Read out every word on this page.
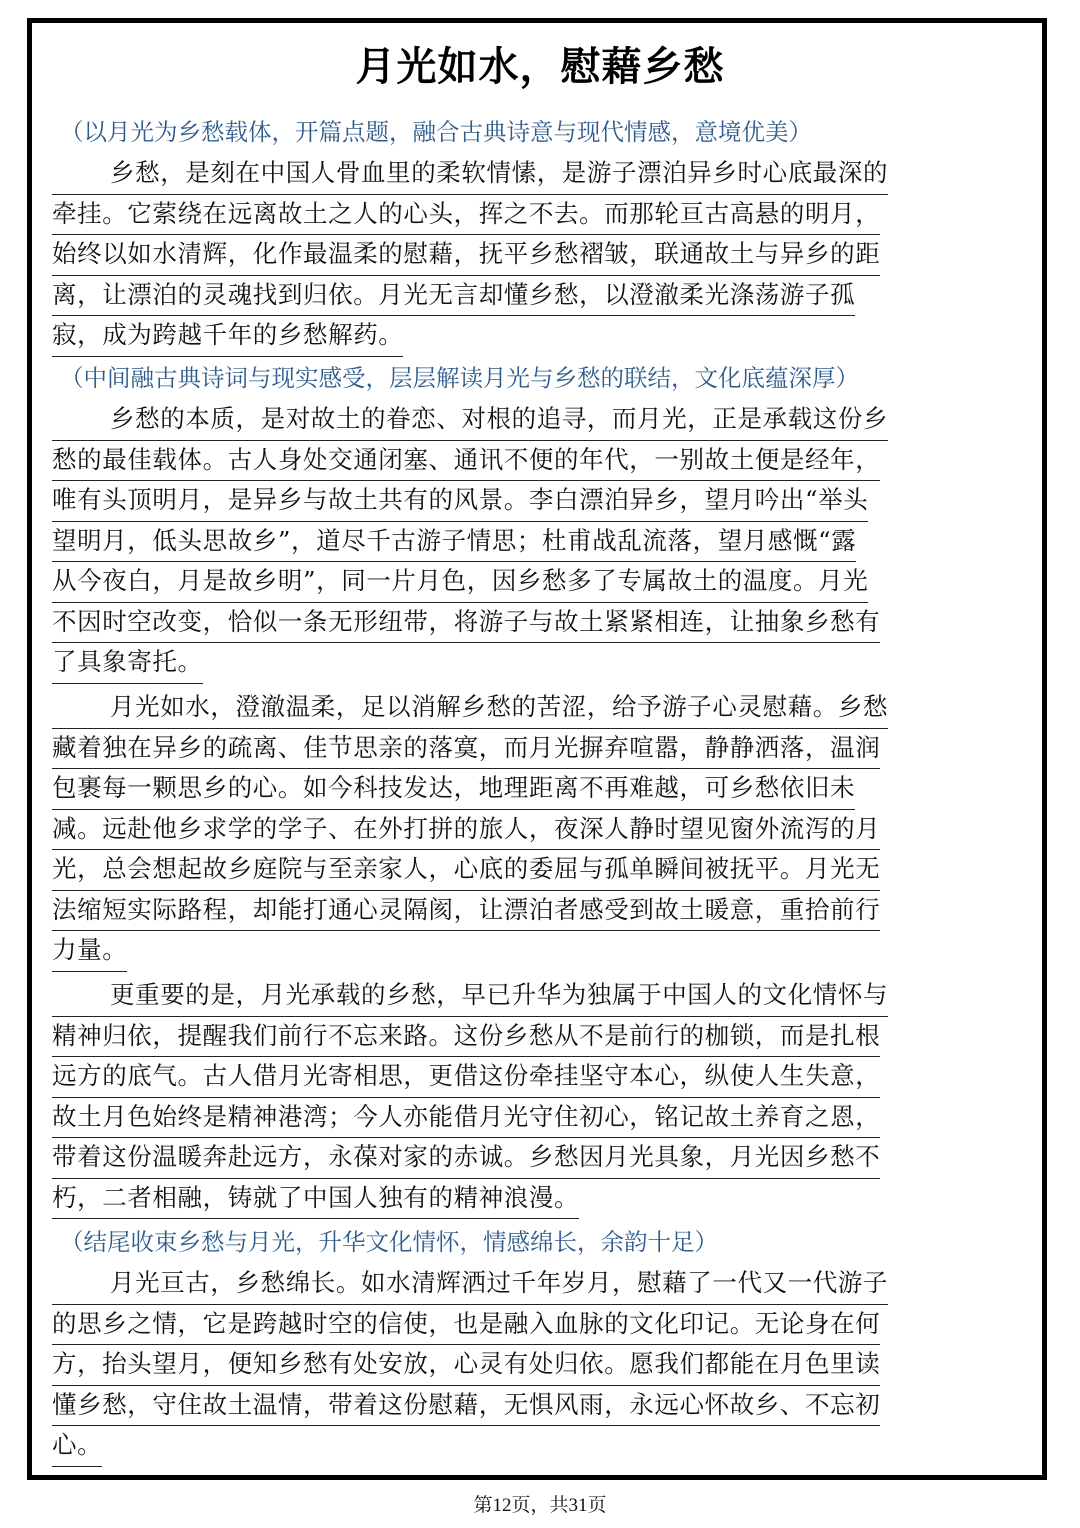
月光如水，慰藉乡愁
（以月光为乡愁载体，开篇点题，融合古典诗意与现代情感，意境优美）
乡愁，是刻在中国人骨血里的柔软情愫，是游子漂泊异乡时心底最深的
牵挂。它萦绕在远离故土之人的心头，挥之不去。而那轮亘古高悬的明月，
始终以如水清辉，化作最温柔的慰藉，抚平乡愁褶皱，联通故土与异乡的距
离，让漂泊的灵魂找到归依。月光无言却懂乡愁，以澄澈柔光涤荡游子孤
寂，成为跨越千年的乡愁解药。
（中间融古典诗词与现实感受，层层解读月光与乡愁的联结，文化底蕴深厚）
乡愁的本质，是对故土的眷恋、对根的追寻，而月光，正是承载这份乡
愁的最佳载体。古人身处交通闭塞、通讯不便的年代，一别故土便是经年，
唯有头顶明月，是异乡与故土共有的风景。李白漂泊异乡，望月吟出“举头
望明月，低头思故乡”，道尽千古游子情思；杜甫战乱流落，望月感慨“露
从今夜白，月是故乡明”，同一片月色，因乡愁多了专属故土的温度。月光
不因时空改变，恰似一条无形纽带，将游子与故土紧紧相连，让抽象乡愁有
了具象寄托。
月光如水，澄澈温柔，足以消解乡愁的苦涩，给予游子心灵慰藉。乡愁
藏着独在异乡的疏离、佳节思亲的落寞，而月光摒弃喧嚣，静静洒落，温润
包裹每一颗思乡的心。如今科技发达，地理距离不再难越，可乡愁依旧未
减。远赴他乡求学的学子、在外打拼的旅人，夜深人静时望见窗外流泻的月
光，总会想起故乡庭院与至亲家人，心底的委屈与孤单瞬间被抚平。月光无
法缩短实际路程，却能打通心灵隔阂，让漂泊者感受到故土暖意，重拾前行
力量。
更重要的是，月光承载的乡愁，早已升华为独属于中国人的文化情怀与
精神归依，提醒我们前行不忘来路。这份乡愁从不是前行的枷锁，而是扎根
远方的底气。古人借月光寄相思，更借这份牵挂坚守本心，纵使人生失意，
故土月色始终是精神港湾；今人亦能借月光守住初心，铭记故土养育之恩，
带着这份温暖奔赴远方，永葆对家的赤诚。乡愁因月光具象，月光因乡愁不
朽，二者相融，铸就了中国人独有的精神浪漫。
（结尾收束乡愁与月光，升华文化情怀，情感绵长，余韵十足）
月光亘古，乡愁绵长。如水清辉洒过千年岁月，慰藉了一代又一代游子
的思乡之情，它是跨越时空的信使，也是融入血脉的文化印记。无论身在何
方，抬头望月，便知乡愁有处安放，心灵有处归依。愿我们都能在月色里读
懂乡愁，守住故土温情，带着这份慰藉，无惧风雨，永远心怀故乡、不忘初
心。
第12页，共31页
